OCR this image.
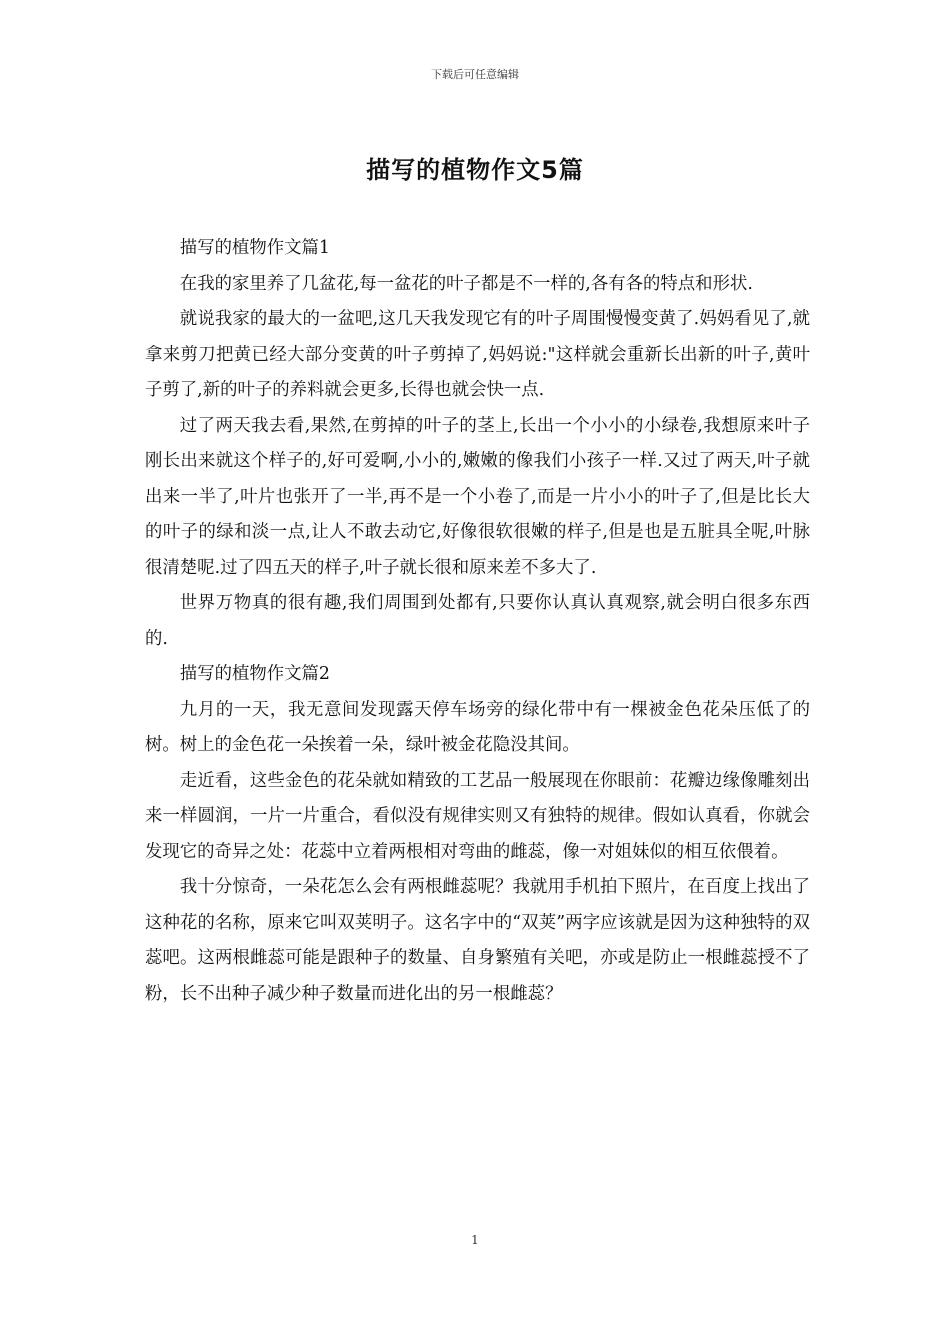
下载后可任意编辑
描写的植物作文5篇

描写的植物作文篇1

在我的家里养了几盆花,每一盆花的叶子都是不一样的,各有各的特点和形状.

就说我家的最大的一盆吧,这几天我发现它有的叶子周围慢慢变黄了.妈妈看见了,就拿来剪刀把黄已经大部分变黄的叶子剪掉了,妈妈说:"这样就会重新长出新的叶子,黄叶子剪了,新的叶子的养料就会更多,长得也就会快一点.

过了两天我去看,果然,在剪掉的叶子的茎上,长出一个小小的小绿卷,我想原来叶子刚长出来就这个样子的,好可爱啊,小小的,嫩嫩的像我们小孩子一样.又过了两天,叶子就出来一半了,叶片也张开了一半,再不是一个小卷了,而是一片小小的叶子了,但是比长大的叶子的绿和淡一点,让人不敢去动它,好像很软很嫩的样子,但是也是五脏具全呢,叶脉很清楚呢.过了四五天的样子,叶子就长很和原来差不多大了.

世界万物真的很有趣,我们周围到处都有,只要你认真认真观察,就会明白很多东西的.

描写的植物作文篇2

九月的一天，我无意间发现露天停车场旁的绿化带中有一棵被金色花朵压低了的树。树上的金色花一朵挨着一朵，绿叶被金花隐没其间。

走近看，这些金色的花朵就如精致的工艺品一般展现在你眼前：花瓣边缘像雕刻出来一样圆润，一片一片重合，看似没有规律实则又有独特的规律。假如认真看，你就会发现它的奇异之处：花蕊中立着两根相对弯曲的雌蕊，像一对姐妹似的相互依偎着。

我十分惊奇，一朵花怎么会有两根雌蕊呢？我就用手机拍下照片，在百度上找出了这种花的名称，原来它叫双荚明子。这名字中的“双荚”两字应该就是因为这种独特的双蕊吧。这两根雌蕊可能是跟种子的数量、自身繁殖有关吧，亦或是防止一根雌蕊授不了粉，长不出种子减少种子数量而进化出的另一根雌蕊？

1
